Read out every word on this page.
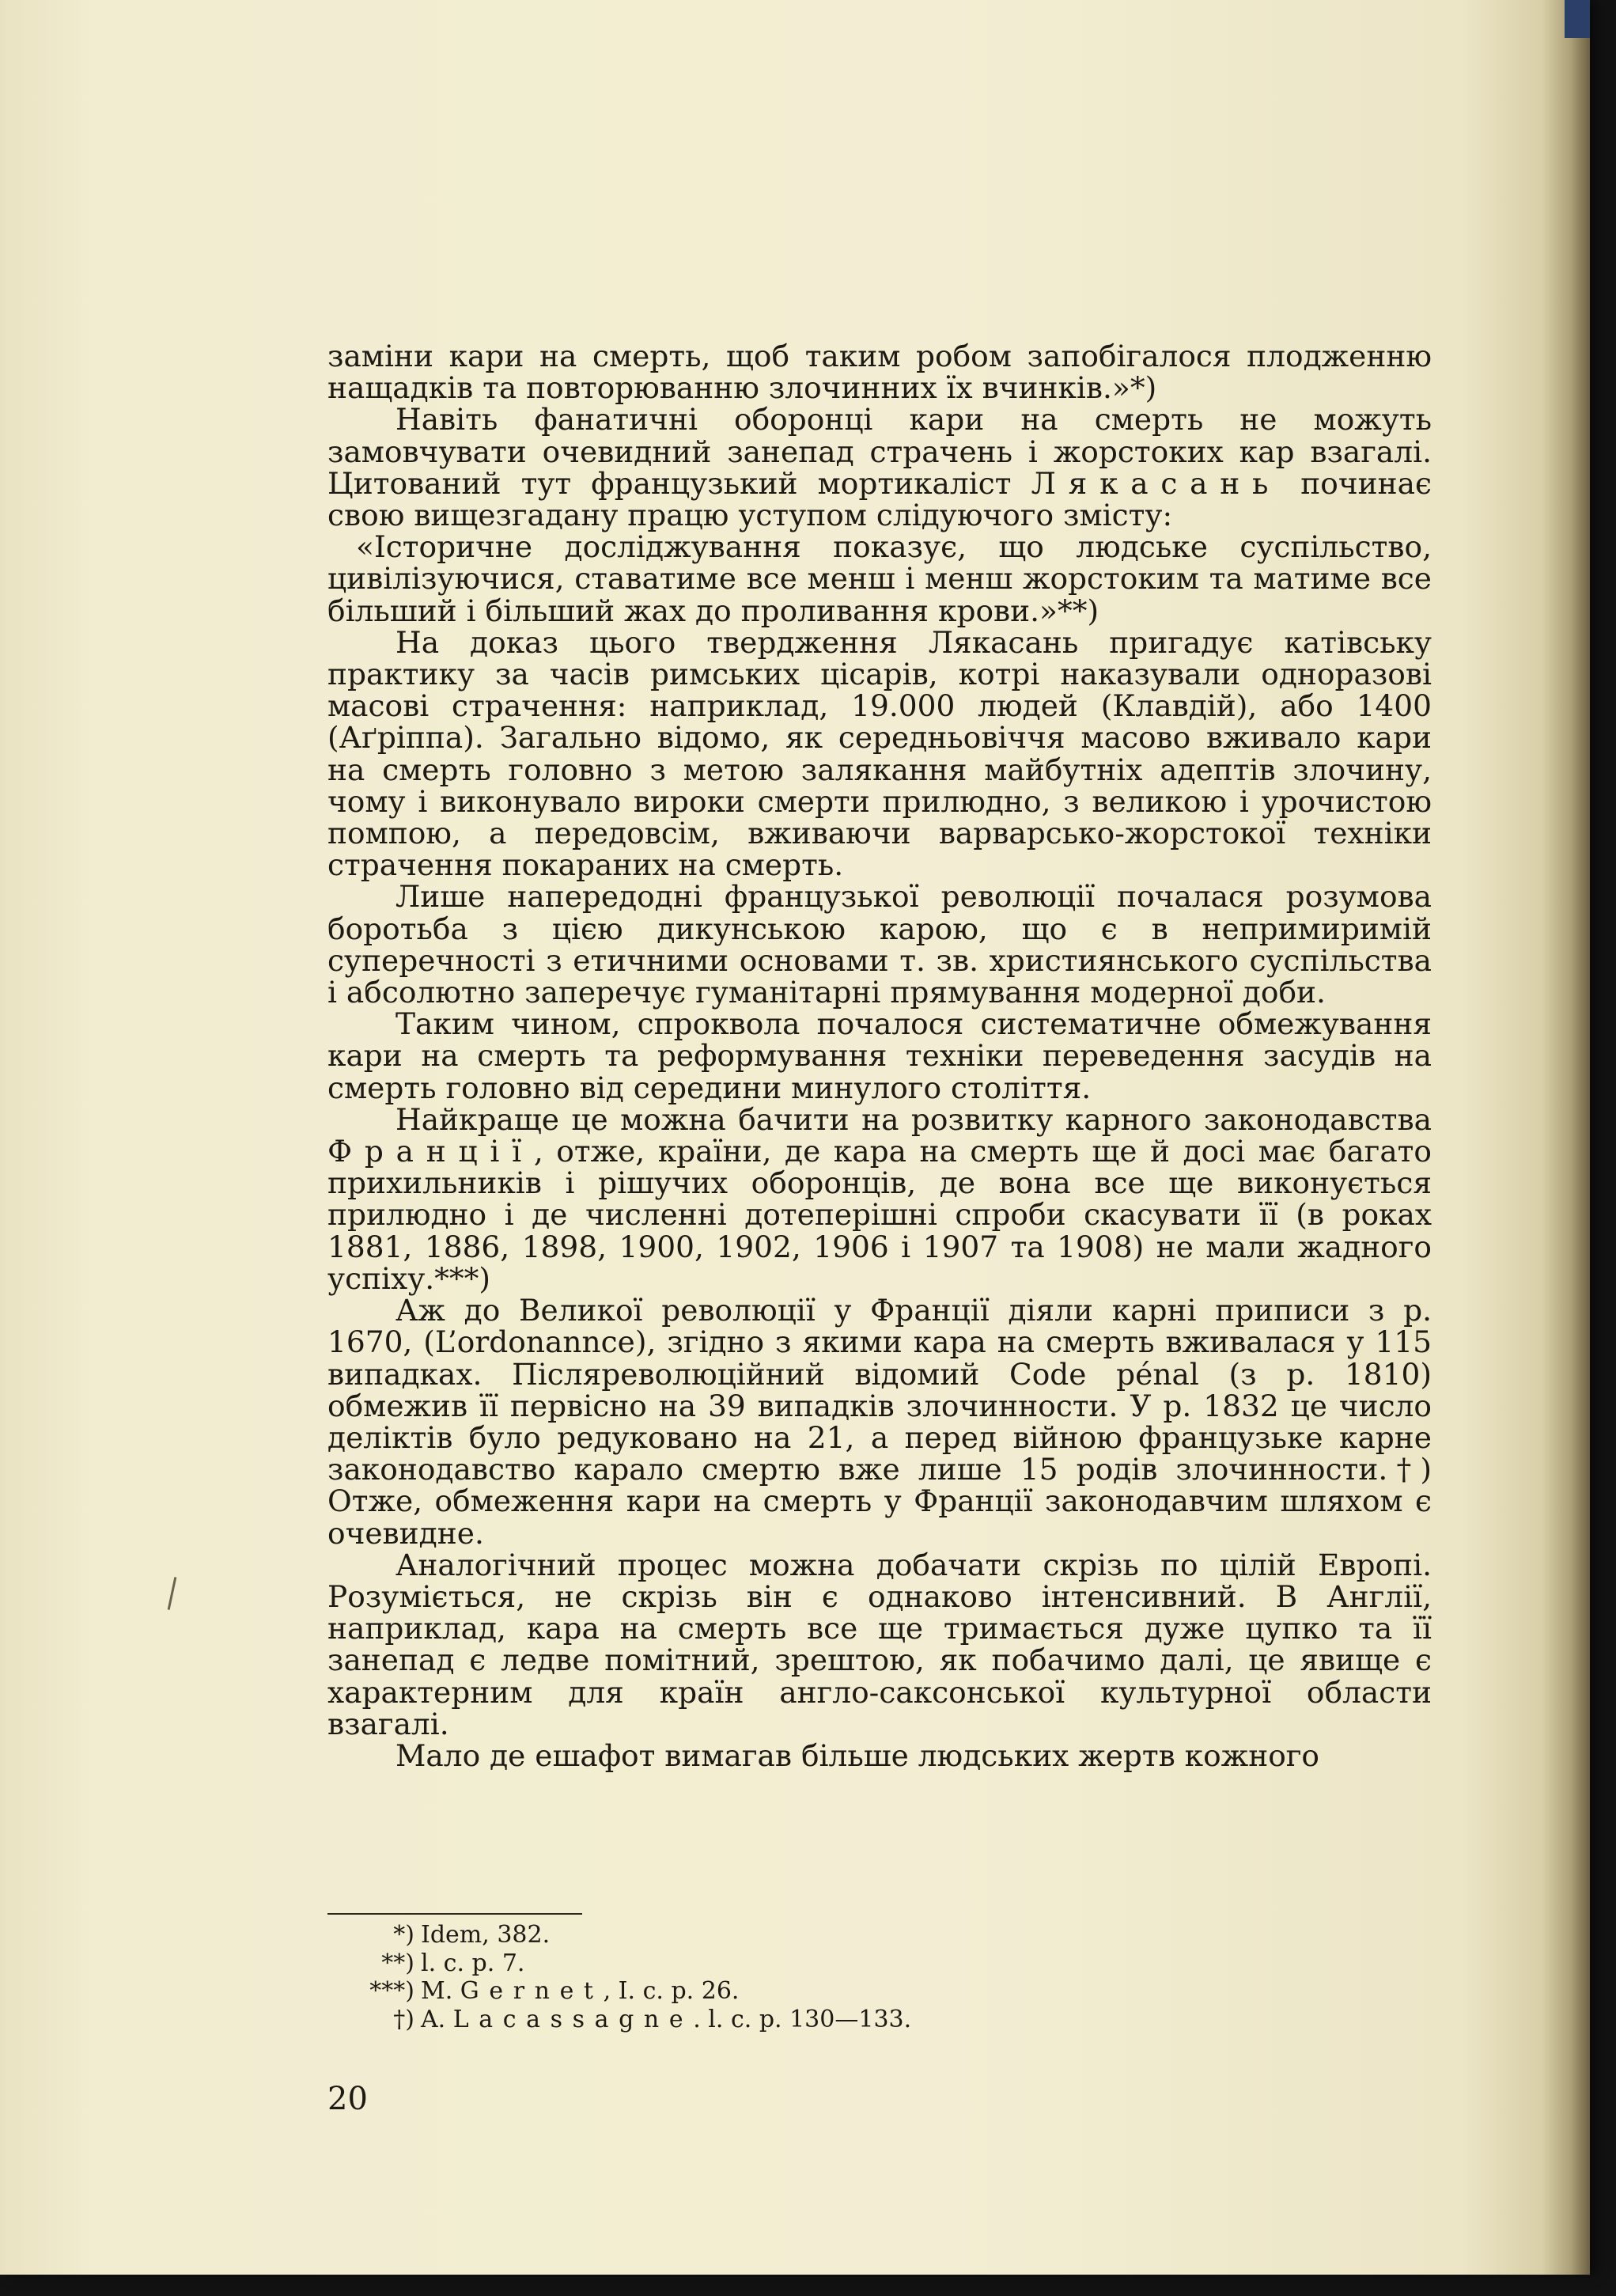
заміни кари на смерть, щоб таким робом запобігалося плодженню нащадків та повторюванню злочинних їх вчинків.»*)

Навіть фанатичні оборонці кари на смерть не можуть замовчувати очевидний занепад страчень і жорстоких кар взагалі. Цитований тут французький мортикаліст Лякасань починає свою вищезгадану працю уступом слідуючого змісту:

«Історичне досліджування показує, що людське суспільство, цивілізуючися, ставатиме все менш і менш жорстоким та матиме все більший і більший жах до проливання крови.»**)

На доказ цього твердження Лякасань пригадує катівську практику за часів римських цісарів, котрі наказували одноразові масові страчення: наприклад, 19.000 людей (Клавдій), або 1400 (Аґріппа). Загально відомо, як середньовіччя масово вживало кари на смерть головно з метою залякання майбутніх адептів злочину, чому і виконувало вироки смерти прилюдно, з великою і урочистою помпою, а передовсім, вживаючи варварсько-жорстокої техніки страчення покараних на смерть.

Лише напередодні французької революції почалася розумова боротьба з цією дикунською карою, що є в непримиримій суперечності з етичними основами т. зв. християнського суспільства і абсолютно заперечує гуманітарні прямування модерної доби.

Таким чином, спроквола почалося систематичне обмежування кари на смерть та реформування техніки переведення засудів на смерть головно від середини минулого століття.

Найкраще це можна бачити на розвитку карного законодавства Франції, отже, країни, де кара на смерть ще й досі має багато прихильників і рішучих оборонців, де вона все ще виконується прилюдно і де численні дотеперішні спроби скасувати її (в роках 1881, 1886, 1898, 1900, 1902, 1906 і 1907 та 1908) не мали жадного успіху.***)

Аж до Великої революції у Франції діяли карні приписи з р. 1670, (L’ordonannce), згідно з якими кара на смерть вживалася у 115 випадках. Післяреволюційний відомий Code pénal (з р. 1810) обмежив її первісно на 39 випадків злочинности. У р. 1832 це число деліктів було редуковано на 21, а перед війною французьке карне законодавство карало смертю вже лише 15 родів злочинности.†) Отже, обмеження кари на смерть у Франції законодавчим шляхом є очевидне.

Аналогічний процес можна добачати скрізь по цілій Европі. Розуміється, не скрізь він є однаково інтенсивний. В Англії, наприклад, кара на смерть все ще тримається дуже цупко та її занепад є ледве помітний, зрештою, як побачимо далі, це явище є характерним для країн англо-саксонської культурної области взагалі.

Мало де ешафот вимагав більше людських жертв кожного

*) Idem, 382.
**) l. c. p. 7.
***) M. Gernet, I. c. p. 26.
†) A. Lacassagne. l. c. p. 130—133.
20
